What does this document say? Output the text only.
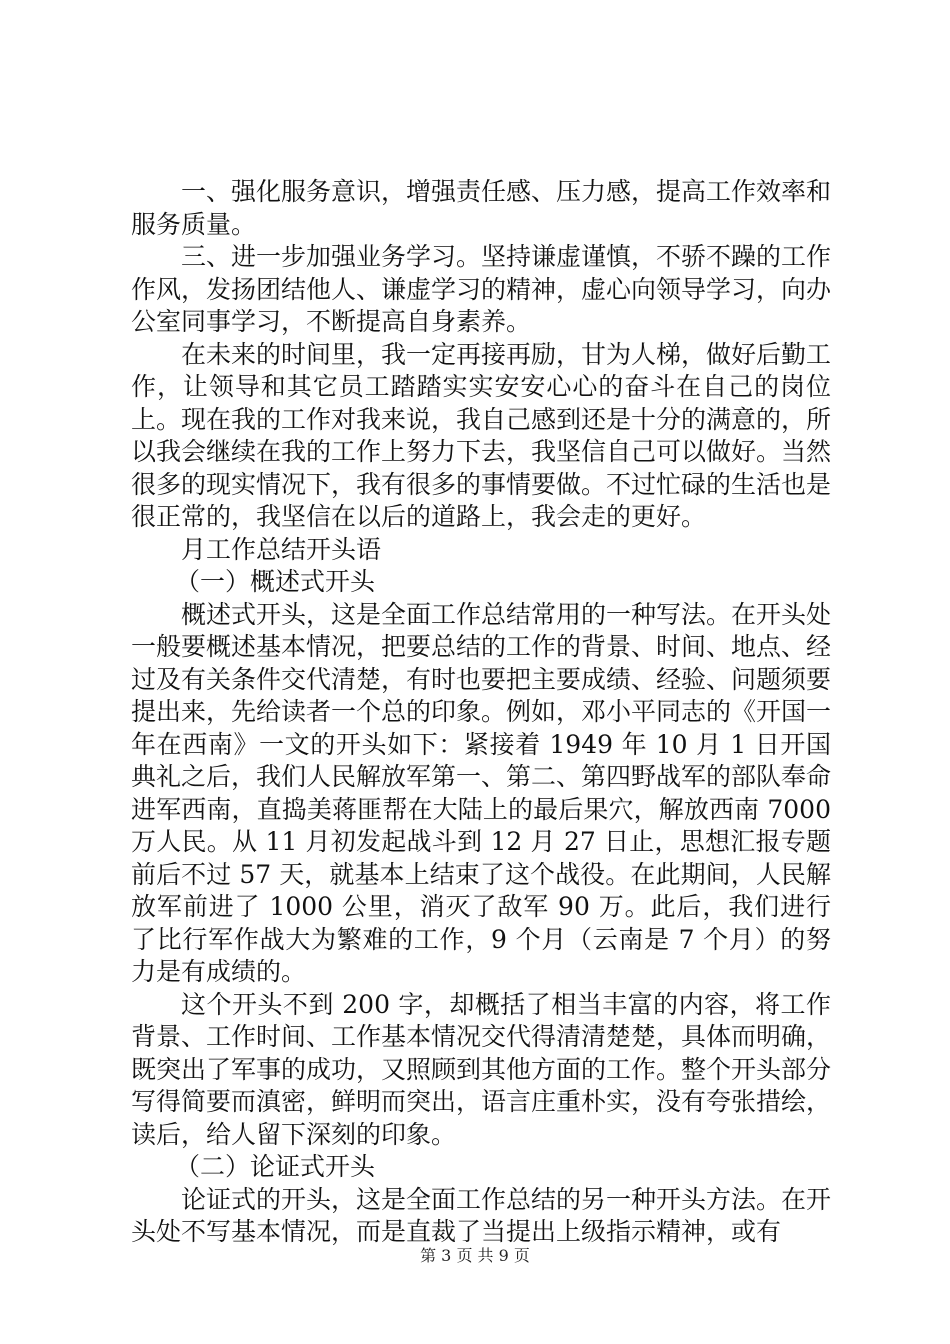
一、强化服务意识，增强责任感、压力感，提高工作效率和服务质量。

三、进一步加强业务学习。坚持谦虚谨慎，不骄不躁的工作作风，发扬团结他人、谦虚学习的精神，虚心向领导学习，向办公室同事学习，不断提高自身素养。

在未来的时间里，我一定再接再励，甘为人梯，做好后勤工作，让领导和其它员工踏踏实实安安心心的奋斗在自己的岗位上。现在我的工作对我来说，我自己感到还是十分的满意的，所以我会继续在我的工作上努力下去，我坚信自己可以做好。当然很多的现实情况下，我有很多的事情要做。不过忙碌的生活也是很正常的，我坚信在以后的道路上，我会走的更好。

月工作总结开头语

（一）概述式开头

概述式开头，这是全面工作总结常用的一种写法。在开头处一般要概述基本情况，把要总结的工作的背景、时间、地点、经过及有关条件交代清楚，有时也要把主要成绩、经验、问题须要提出来，先给读者一个总的印象。例如，邓小平同志的《开国一年在西南》一文的开头如下：紧接着 1949 年 10 月 1 日开国典礼之后，我们人民解放军第一、第二、第四野战军的部队奉命进军西南，直捣美蒋匪帮在大陆上的最后果穴，解放西南 7000 万人民。从 11 月初发起战斗到 12 月 27 日止，思想汇报专题前后不过 57 天，就基本上结束了这个战役。在此期间，人民解放军前进了 1000 公里，消灭了敌军 90 万。此后，我们进行了比行军作战大为繁难的工作，9 个月（云南是 7 个月）的努力是有成绩的。

这个开头不到 200 字，却概括了相当丰富的内容，将工作背景、工作时间、工作基本情况交代得清清楚楚，具体而明确，既突出了军事的成功，又照顾到其他方面的工作。整个开头部分写得简要而滇密，鲜明而突出，语言庄重朴实，没有夸张措绘，读后，给人留下深刻的印象。

（二）论证式开头

论证式的开头，这是全面工作总结的另一种开头方法。在开头处不写基本情况，而是直裁了当提出上级指示精神，或有

第 3 页 共 9 页
